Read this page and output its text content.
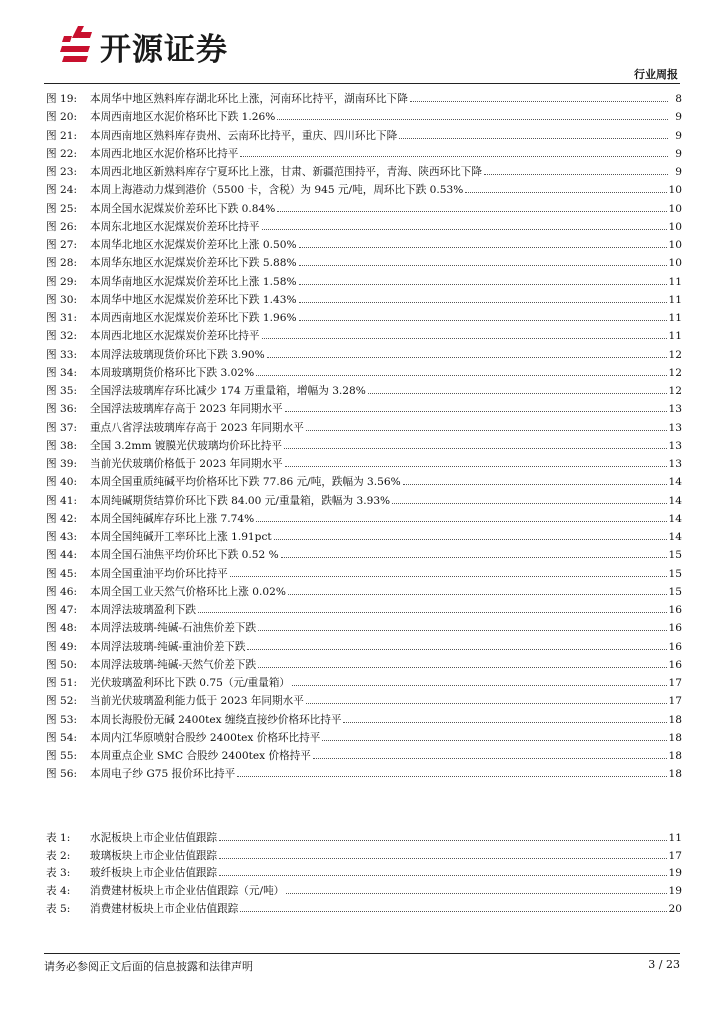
开源证券
行业周报
图 19:	本周华中地区熟料库存湖北环比上涨，河南环比持平，湖南环比下降	8
图 20:	本周西南地区水泥价格环比下跌 1.26%	9
图 21:	本周西南地区熟料库存贵州、云南环比持平，重庆、四川环比下降	9
图 22:	本周西北地区水泥价格环比持平	9
图 23:	本周西北地区新熟料库存宁夏环比上涨，甘肃、新疆范围持平，青海、陕西环比下降	9
图 24:	本周上海港动力煤到港价（5500 卡，含税）为 945 元/吨，周环比下跌 0.53%	10
图 25:	本周全国水泥煤炭价差环比下跌 0.84%	10
图 26:	本周东北地区水泥煤炭价差环比持平	10
图 27:	本周华北地区水泥煤炭价差环比上涨 0.50%	10
图 28:	本周华东地区水泥煤炭价差环比下跌 5.88%	10
图 29:	本周华南地区水泥煤炭价差环比上涨 1.58%	11
图 30:	本周华中地区水泥煤炭价差环比下跌 1.43%	11
图 31:	本周西南地区水泥煤炭价差环比下跌 1.96%	11
图 32:	本周西北地区水泥煤炭价差环比持平	11
图 33:	本周浮法玻璃现货价环比下跌 3.90%	12
图 34:	本周玻璃期货价格环比下跌 3.02%	12
图 35:	全国浮法玻璃库存环比减少 174 万重量箱，增幅为 3.28%	12
图 36:	全国浮法玻璃库存高于 2023 年同期水平	13
图 37:	重点八省浮法玻璃库存高于 2023 年同期水平	13
图 38:	全国 3.2mm 镀膜光伏玻璃均价环比持平	13
图 39:	当前光伏玻璃价格低于 2023 年同期水平	13
图 40:	本周全国重质纯碱平均价格环比下跌 77.86 元/吨，跌幅为 3.56%	14
图 41:	本周纯碱期货结算价环比下跌 84.00 元/重量箱，跌幅为 3.93%	14
图 42:	本周全国纯碱库存环比上涨 7.74%	14
图 43:	本周全国纯碱开工率环比上涨 1.91pct	14
图 44:	本周全国石油焦平均价环比下跌 0.52 %	15
图 45:	本周全国重油平均价环比持平	15
图 46:	本周全国工业天然气价格环比上涨 0.02%	15
图 47:	本周浮法玻璃盈利下跌	16
图 48:	本周浮法玻璃-纯碱-石油焦价差下跌	16
图 49:	本周浮法玻璃-纯碱-重油价差下跌	16
图 50:	本周浮法玻璃-纯碱-天然气价差下跌	16
图 51:	光伏玻璃盈利环比下跌 0.75（元/重量箱）	17
图 52:	当前光伏玻璃盈利能力低于 2023 年同期水平	17
图 53:	本周长海股份无碱 2400tex 缠绕直接纱价格环比持平	18
图 54:	本周内江华原喷射合股纱 2400tex 价格环比持平	18
图 55:	本周重点企业 SMC 合股纱 2400tex 价格持平	18
图 56:	本周电子纱 G75 报价环比持平	18
表 1:	水泥板块上市企业估值跟踪	11
表 2:	玻璃板块上市企业估值跟踪	17
表 3:	玻纤板块上市企业估值跟踪	19
表 4:	消费建材板块上市企业估值跟踪（元/吨）	19
表 5:	消费建材板块上市企业估值跟踪	20
请务必参阅正文后面的信息披露和法律声明	3 / 23
